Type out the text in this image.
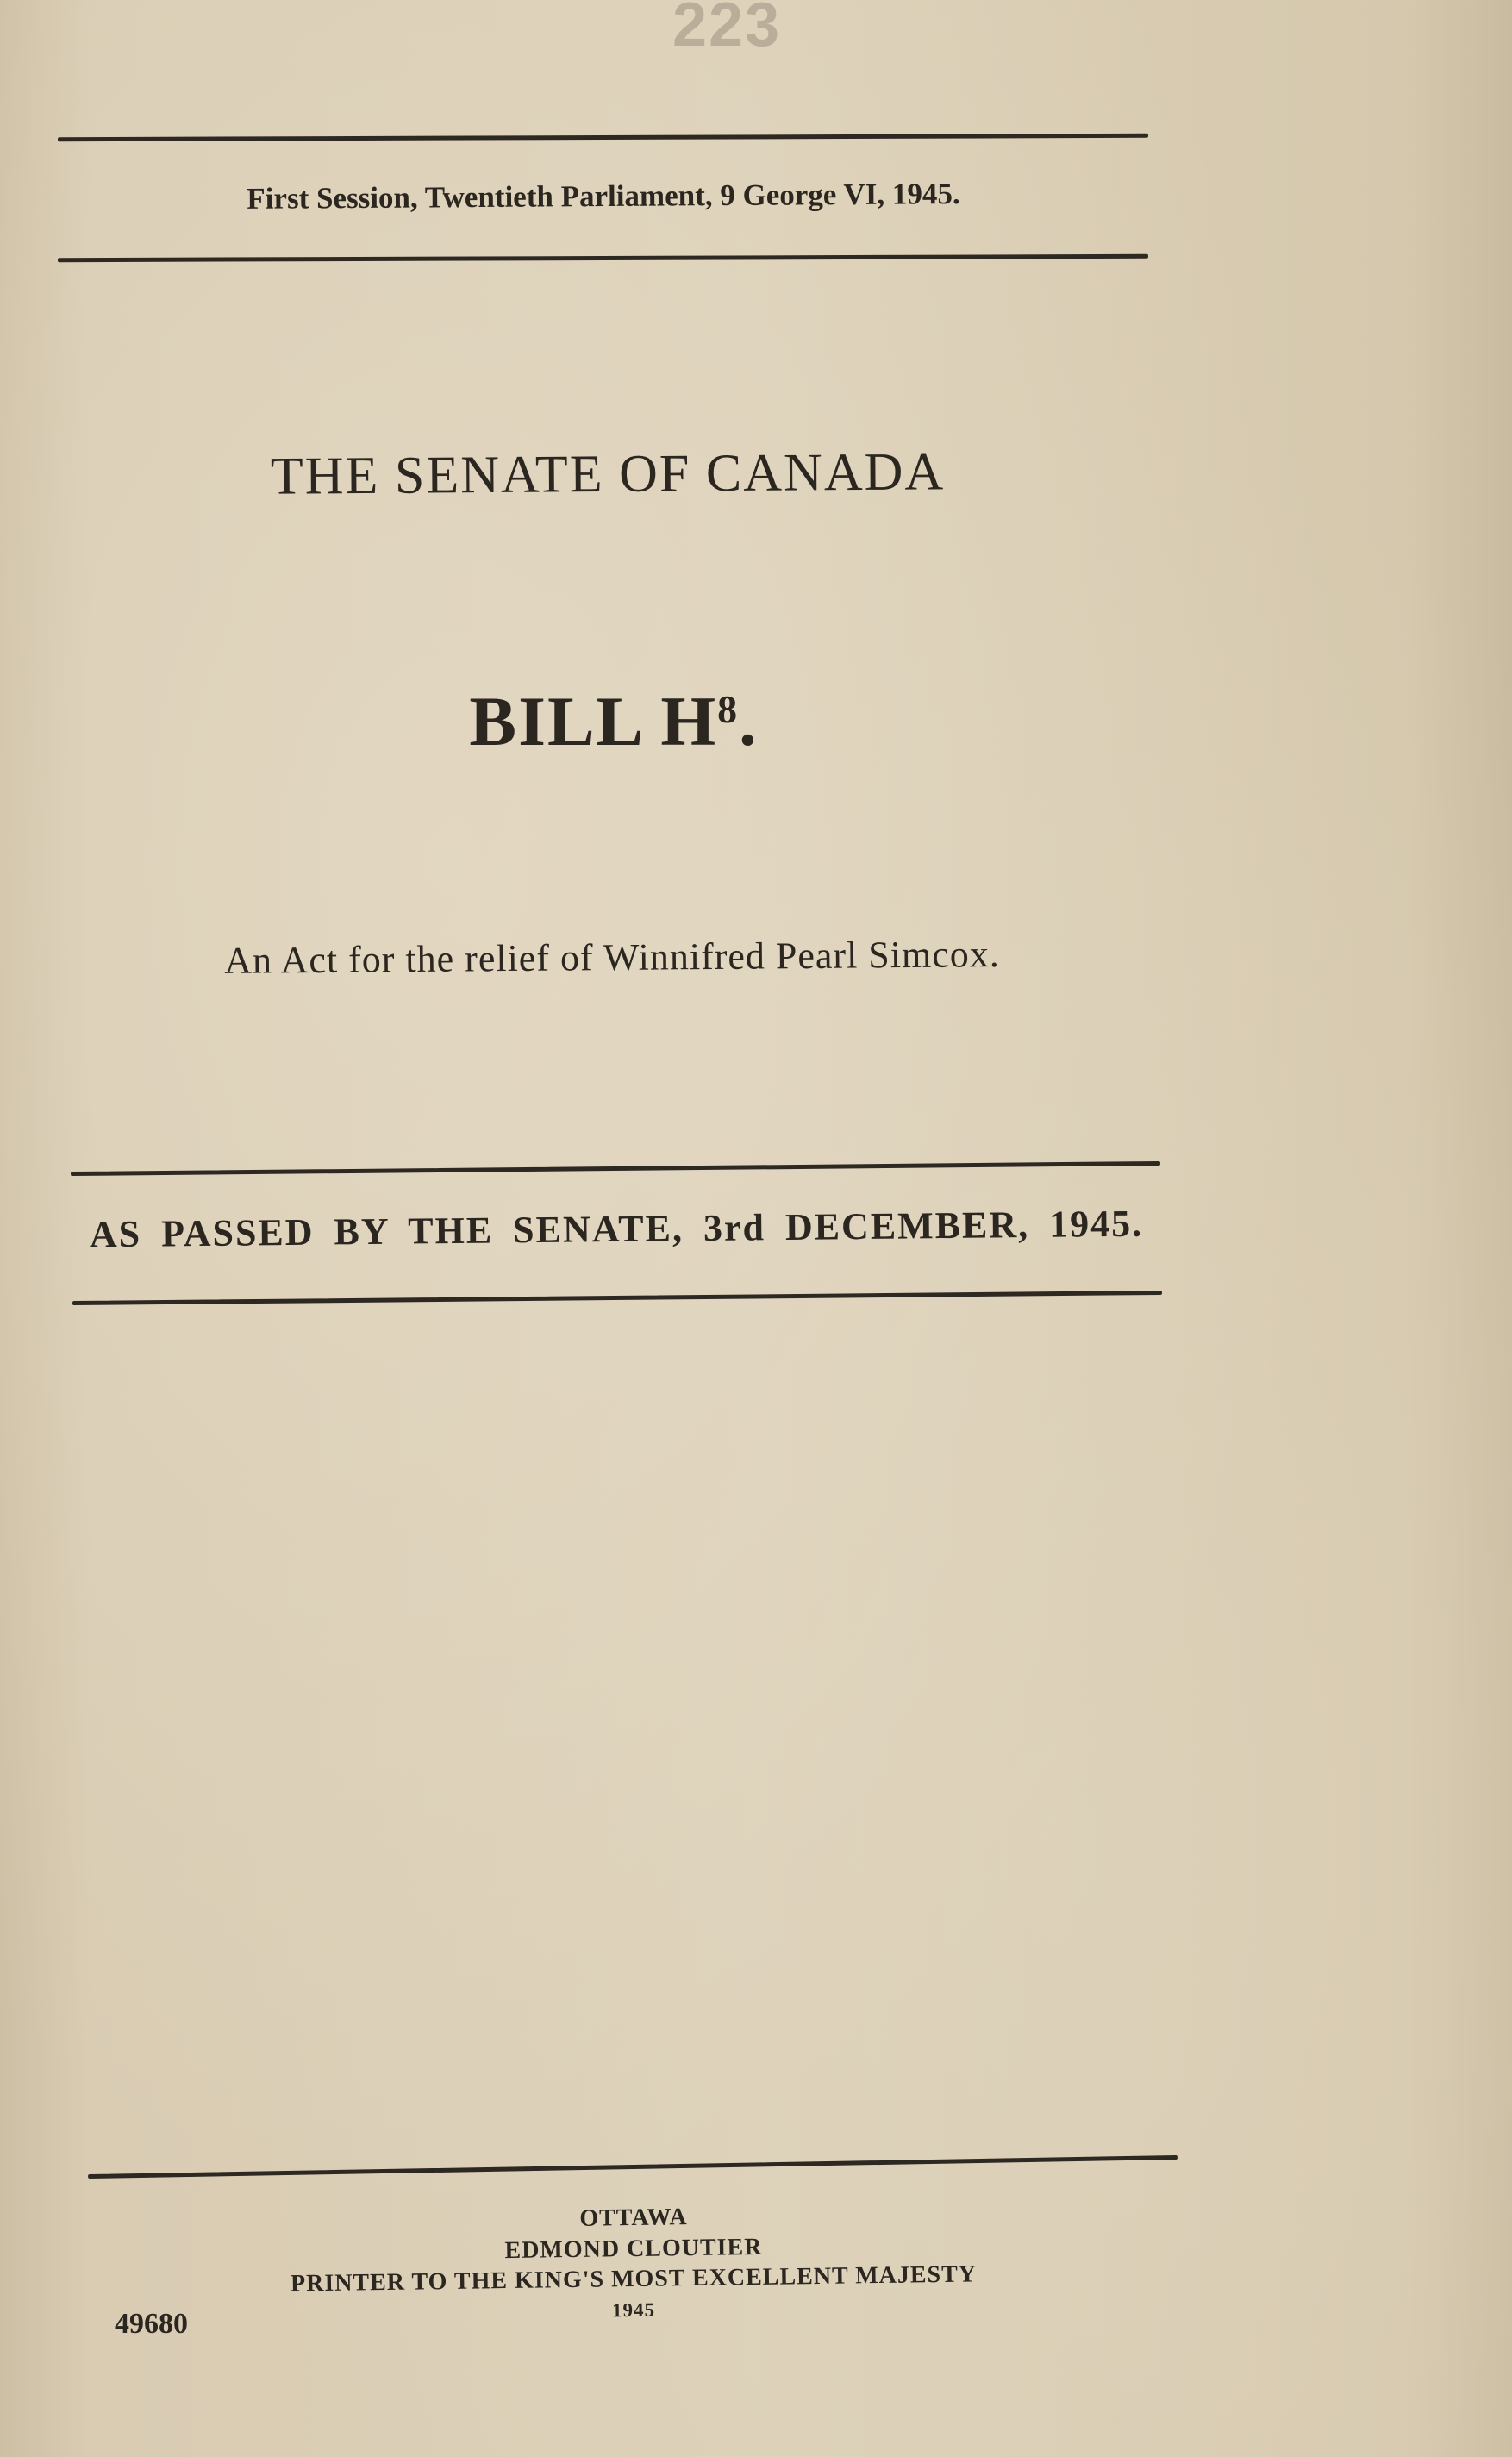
223
First Session, Twentieth Parliament, 9 George VI, 1945.
THE SENATE OF CANADA
BILL $H^8$.
An Act for the relief of Winnifred Pearl Simcox.
AS PASSED BY THE SENATE, 3rd DECEMBER, 1945.
OTTAWA
EDMOND CLOUTIER
PRINTER TO THE KING'S MOST EXCELLENT MAJESTY
1945
49680
